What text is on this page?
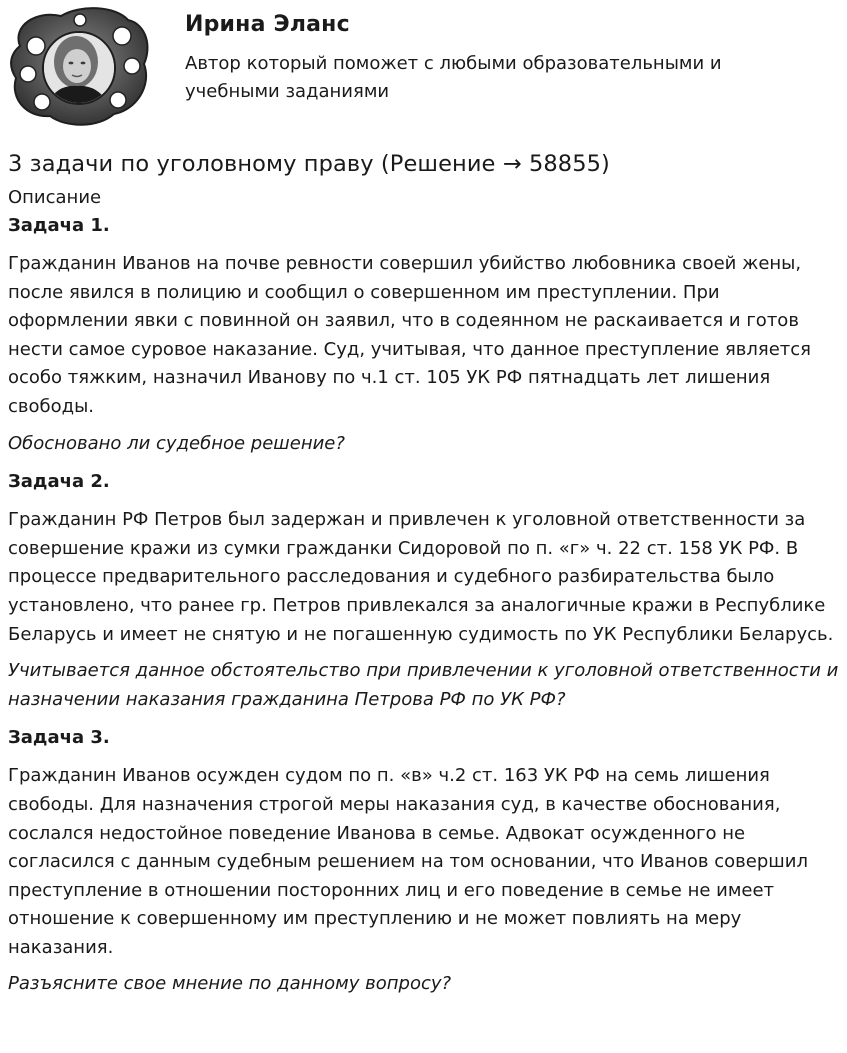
Ирина Эланс

Автор который поможет с любыми образовательными и учебными заданиями

3 задачи по уголовному праву (Решение → 58855)
Описание
Задача 1.

Гражданин Иванов на почве ревности совершил убийство любовника своей жены, после явился в полицию и сообщил о совершенном им преступлении. При оформлении явки с повинной он заявил, что в содеянном не раскаивается и готов нести самое суровое наказание. Суд, учитывая, что данное преступление является особо тяжким, назначил Иванову по ч.1 ст. 105 УК РФ пятнадцать лет лишения свободы.

Обосновано ли судебное решение?

Задача 2.

Гражданин РФ Петров был задержан и привлечен к уголовной ответственности за совершение кражи из сумки гражданки Сидоровой по п. «г» ч. 22 ст. 158 УК РФ. В процессе предварительного расследования и судебного разбирательства было установлено, что ранее гр. Петров привлекался за аналогичные кражи в Республике Беларусь и имеет не снятую и не погашенную судимость по УК Республики Беларусь.

Учитывается данное обстоятельство при привлечении к уголовной ответственности и назначении наказания гражданина Петрова РФ по УК РФ?

Задача 3.

Гражданин Иванов осужден судом по п. «в» ч.2 ст. 163 УК РФ на семь лишения свободы. Для назначения строгой меры наказания суд, в качестве обоснования, сослался недостойное поведение Иванова в семье. Адвокат осужденного не согласился с данным судебным решением на том основании, что Иванов совершил преступление в отношении посторонних лиц и его поведение в семье не имеет отношение к совершенному им преступлению и не может повлиять на меру наказания.

Разъясните свое мнение по данному вопросу?
